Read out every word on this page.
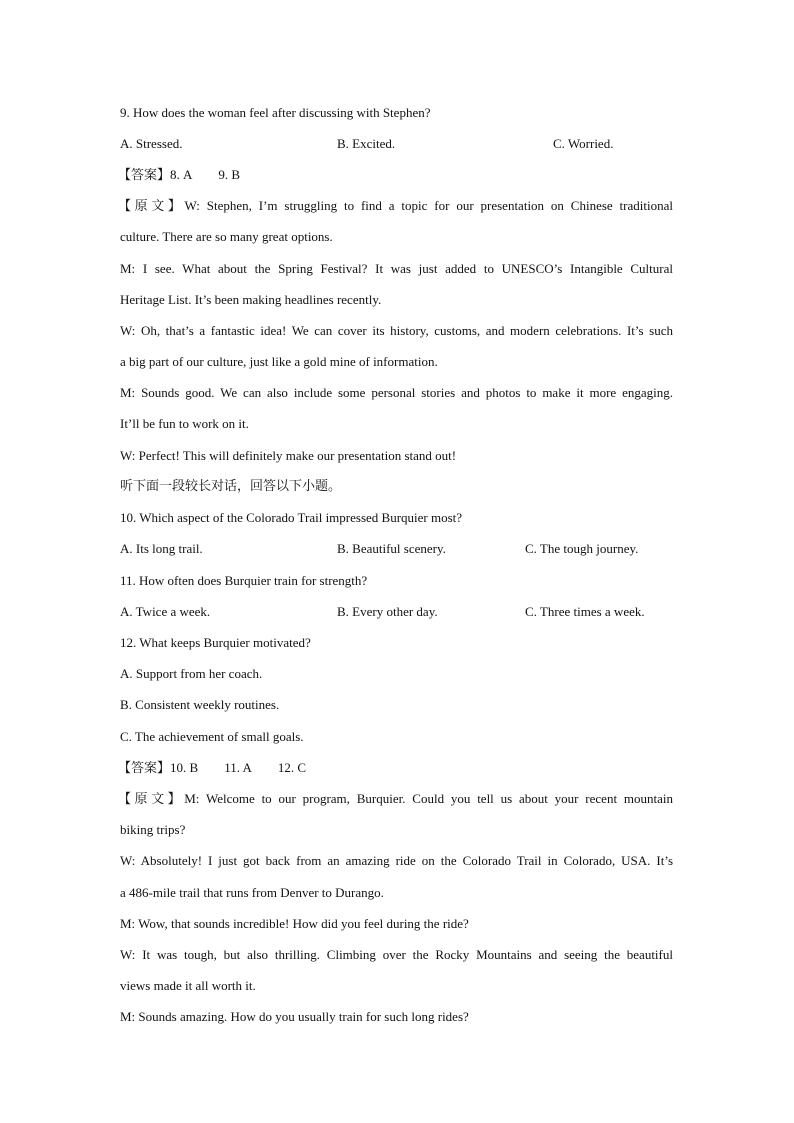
9. How does the woman feel after discussing with Stephen?
A. Stressed.	B. Excited.	C. Worried.
【答案】8. A 9. B
【原文】W: Stephen, I’m struggling to find a topic for our presentation on Chinese traditional
culture. There are so many great options.
M: I see. What about the Spring Festival? It was just added to UNESCO’s Intangible Cultural
Heritage List. It’s been making headlines recently.
W: Oh, that’s a fantastic idea! We can cover its history, customs, and modern celebrations. It’s such
a big part of our culture, just like a gold mine of information.
M: Sounds good. We can also include some personal stories and photos to make it more engaging.
It’ll be fun to work on it.
W: Perfect! This will definitely make our presentation stand out!
听下面一段较长对话，回答以下小题。
10. Which aspect of the Colorado Trail impressed Burquier most?
A. Its long trail.	B. Beautiful scenery.	C. The tough journey.
11. How often does Burquier train for strength?
A. Twice a week.	B. Every other day.	C. Three times a week.
12. What keeps Burquier motivated?
A. Support from her coach.
B. Consistent weekly routines.
C. The achievement of small goals.
【答案】10. B 11. A 12. C
【原文】M: Welcome to our program, Burquier. Could you tell us about your recent mountain
biking trips?
W: Absolutely! I just got back from an amazing ride on the Colorado Trail in Colorado, USA. It’s
a 486-mile trail that runs from Denver to Durango.
M: Wow, that sounds incredible! How did you feel during the ride?
W: It was tough, but also thrilling. Climbing over the Rocky Mountains and seeing the beautiful
views made it all worth it.
M: Sounds amazing. How do you usually train for such long rides?
